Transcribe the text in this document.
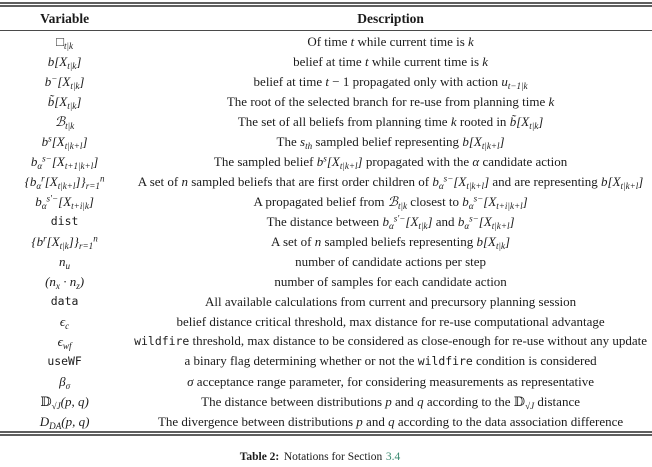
Variable	Description
$□_{t|k}$	Of time t while current time is k
$b[X_{t|k}]$	belief at time t while current time is k
$b^-[X_{t|k}]$	belief at time t − 1 propagated only with action $u_{t-1|k}$
$b̃[X_{t|k}]$	The root of the selected branch for re-use from planning time k
ℬ$_{t|k}$	The set of all beliefs from planning time k rooted in $b̃[X_{t|k}]$
$b^s[X_{t|k+l}]$	The $s_{th}$ sampled belief representing $b[X_{t|k+l}]$
$b_\alpha^{s-}[X_{t+1|k+l}]$	The sampled belief $b^s[X_{t|k+l}]$ propagated with the α candidate action
$\{b_\alpha^r[X_{t|k+l}]\}_{r=1}^n$	A set of n sampled beliefs that are first order children of $b_\alpha^{s-}[X_{t|k+l}]$ and are representing $b[X_{t|k+l}]$
$b_\alpha^{s'-}[X_{t+i|k}]$	A propagated belief from ℬ$_{t|k}$ closest to $b_\alpha^{s-}[X_{t+i|k+l}]$
dist	The distance between $b_\alpha^{s'-}[X_{t|k}]$ and $b_\alpha^{s-}[X_{t|k+l}]$
$\{b^r[X_{t|k}]\}_{r=1}^n$	A set of n sampled beliefs representing $b[X_{t|k}]$
$n_u$	number of candidate actions per step
$(n_x \cdot n_z)$	number of samples for each candidate action
data	All available calculations from current and precursory planning session
$\epsilon_c$	belief distance critical threshold, max distance for re-use computational advantage
$\epsilon_{wf}$	wildfire threshold, max distance to be considered as close-enough for re-use without any update
useWF	a binary flag determining whether or not the wildfire condition is considered
$\beta_\sigma$	σ acceptance range parameter, for considering measurements as representative
𝔻$_{√J}$(p, q)	The distance between distributions p and q according to the 𝔻$_{√J}$ distance
$D_{DA}(p$, q)	The divergence between distributions p and q according to the data association difference
Table 2: Notations for Section 3.4
